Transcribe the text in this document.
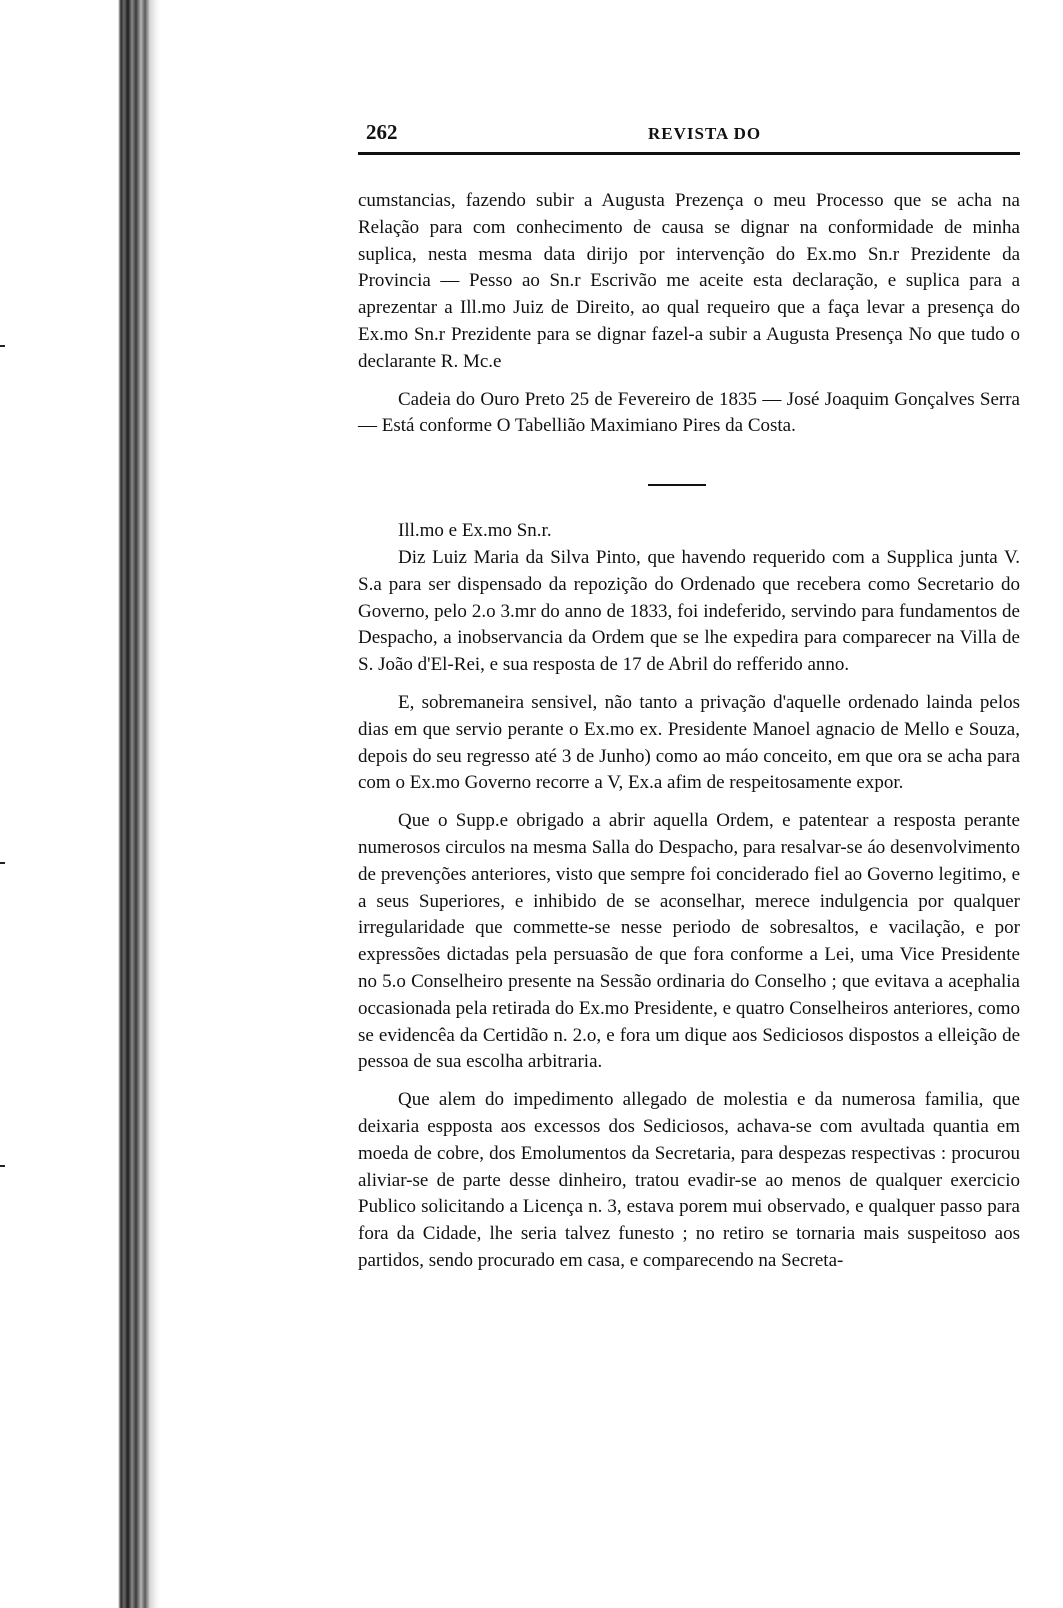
262	REVISTA DO

cumstancias, fazendo subir a Augusta Prezença o meu Processo que se acha na Relação para com conhecimento de causa se dignar na conformidade de minha suplica, nesta mesma data dirijo por intervenção do Ex.mo Sn.r Prezidente da Provincia — Pesso ao Sn.r Escrivão me aceite esta declaração, e suplica para a aprezentar a Ill.mo Juiz de Direito, ao qual requeiro que a faça levar a presença do Ex.mo Sn.r Prezidente para se dignar fazel-a subir a Augusta Presença No que tudo o declarante R. Mc.e

Cadeia do Ouro Preto 25 de Fevereiro de 1835 — José Joaquim Gonçalves Serra — Está conforme O Tabellião Maximiano Pires da Costa.

Ill.mo e Ex.mo Sn.r.

Diz Luiz Maria da Silva Pinto, que havendo requerido com a Supplica junta V. S.a para ser dispensado da repozição do Ordenado que recebera como Secretario do Governo, pelo 2.o 3.mr do anno de 1833, foi indeferido, servindo para fundamentos de Despacho, a inobservancia da Ordem que se lhe expedira para comparecer na Villa de S. João d'El-Rei, e sua resposta de 17 de Abril do refferido anno.

E, sobremaneira sensivel, não tanto a privação d'aquelle ordenado lainda pelos dias em que servio perante o Ex.mo ex. Presidente Manoel agnacio de Mello e Souza, depois do seu regresso até 3 de Junho) como ao máo conceito, em que ora se acha para com o Ex.mo Governo recorre a V, Ex.a afim de respeitosamente expor.

Que o Supp.e obrigado a abrir aquella Ordem, e patentear a resposta perante numerosos circulos na mesma Salla do Despacho, para resalvar-se áo desenvolvimento de prevenções anteriores, visto que sempre foi conciderado fiel ao Governo legitimo, e a seus Superiores, e inhibido de se aconselhar, merece indulgencia por qualquer irregularidade que commette-se nesse periodo de sobresaltos, e vacilação, e por expressões dictadas pela persuasão de que fora conforme a Lei, uma Vice Presidente no 5.o Conselheiro presente na Sessão ordinaria do Conselho ; que evitava a acephalia occasionada pela retirada do Ex.mo Presidente, e quatro Conselheiros anteriores, como se evidencêa da Certidão n. 2.o, e fora um dique aos Sediciosos dispostos a elleição de pessoa de sua escolha arbitraria.

Que alem do impedimento allegado de molestia e da numerosa familia, que deixaria espposta aos excessos dos Sediciosos, achava-se com avultada quantia em moeda de cobre, dos Emolumentos da Secretaria, para despezas respectivas : procurou aliviar-se de parte desse dinheiro, tratou evadir-se ao menos de qualquer exercicio Publico solicitando a Licença n. 3, estava porem mui observado, e qualquer passo para fora da Cidade, lhe seria talvez funesto ; no retiro se tornaria mais suspeitoso aos partidos, sendo procurado em casa, e comparecendo na Secreta-
